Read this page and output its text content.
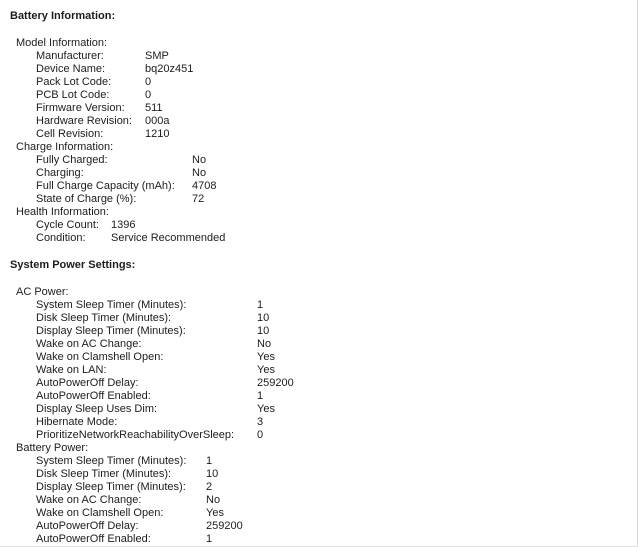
Battery Information:
Model Information:
Manufacturer:	SMP
Device Name:	bq20z451
Pack Lot Code:	0
PCB Lot Code:	0
Firmware Version: 511
Hardware Revision: 000a
Cell Revision:	1210
Charge Information:
Fully Charged:	No
Charging:	No
Full Charge Capacity (mAh): 4708
State of Charge (%):	72
Health Information:
Cycle Count: 1396
Condition: Service Recommended
System Power Settings:
AC Power:
System Sleep Timer (Minutes):	1
Disk Sleep Timer (Minutes):	10
Display Sleep Timer (Minutes):	10
Wake on AC Change:	No
Wake on Clamshell Open:	Yes
Wake on LAN:	Yes
AutoPowerOff Delay:	259200
AutoPowerOff Enabled:	1
Display Sleep Uses Dim:	Yes
Hibernate Mode:	3
PrioritizeNetworkReachabilityOverSleep: 0
Battery Power:
System Sleep Timer (Minutes): 1
Disk Sleep Timer (Minutes):	10
Display Sleep Timer (Minutes): 2
Wake on AC Change:	No
Wake on Clamshell Open:	Yes
AutoPowerOff Delay:	259200
AutoPowerOff Enabled:	1
